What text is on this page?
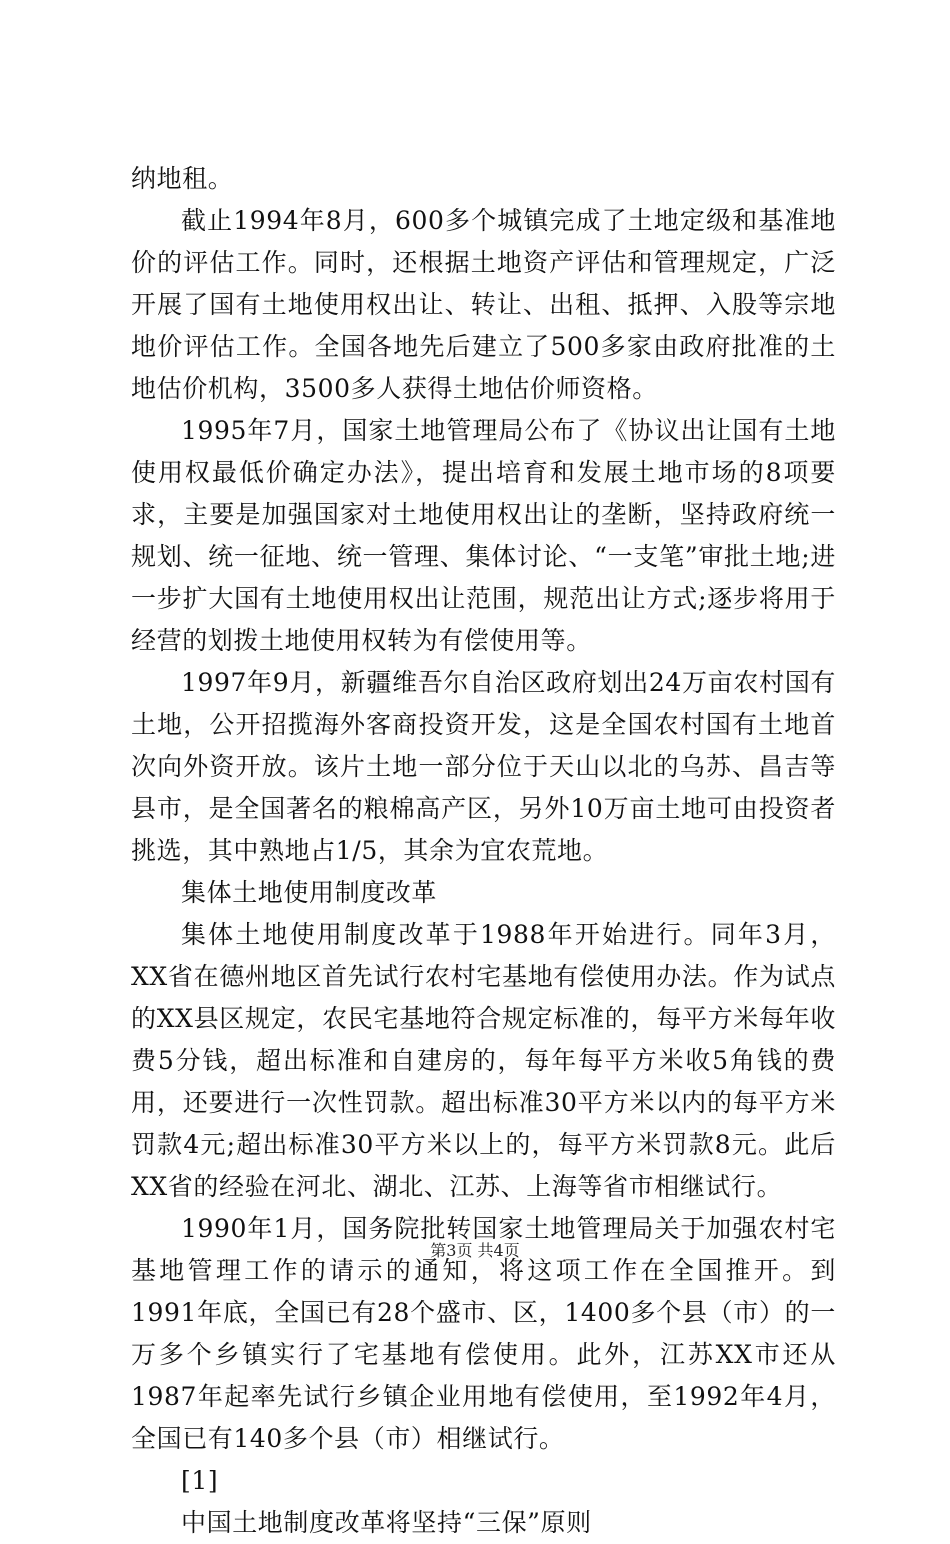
纳地租。

截止1994年8月，600多个城镇完成了土地定级和基准地价的评估工作。同时，还根据土地资产评估和管理规定，广泛开展了国有土地使用权出让、转让、出租、抵押、入股等宗地地价评估工作。全国各地先后建立了500多家由政府批准的土地估价机构，3500多人获得土地估价师资格。

1995年7月，国家土地管理局公布了《协议出让国有土地使用权最低价确定办法》，提出培育和发展土地市场的8项要求，主要是加强国家对土地使用权出让的垄断，坚持政府统一规划、统一征地、统一管理、集体讨论、“一支笔”审批土地;进一步扩大国有土地使用权出让范围，规范出让方式;逐步将用于经营的划拨土地使用权转为有偿使用等。

1997年9月，新疆维吾尔自治区政府划出24万亩农村国有土地，公开招揽海外客商投资开发，这是全国农村国有土地首次向外资开放。该片土地一部分位于天山以北的乌苏、昌吉等县市，是全国著名的粮棉高产区，另外10万亩土地可由投资者挑选，其中熟地占1/5，其余为宜农荒地。

集体土地使用制度改革

集体土地使用制度改革于1988年开始进行。同年3月，XX省在德州地区首先试行农村宅基地有偿使用办法。作为试点的XX县区规定，农民宅基地符合规定标准的，每平方米每年收费5分钱，超出标准和自建房的，每年每平方米收5角钱的费用，还要进行一次性罚款。超出标准30平方米以内的每平方米罚款4元;超出标准30平方米以上的，每平方米罚款8元。此后XX省的经验在河北、湖北、江苏、上海等省市相继试行。

1990年1月，国务院批转国家土地管理局关于加强农村宅基地管理工作的请示的通知，将这项工作在全国推开。到1991年底，全国已有28个盛市、区，1400多个县（市）的一万多个乡镇实行了宅基地有偿使用。此外，江苏XX市还从1987年起率先试行乡镇企业用地有偿使用，至1992年4月，全国已有140多个县（市）相继试行。

[1]

中国土地制度改革将坚持“三保”原则

第3页 共4页
